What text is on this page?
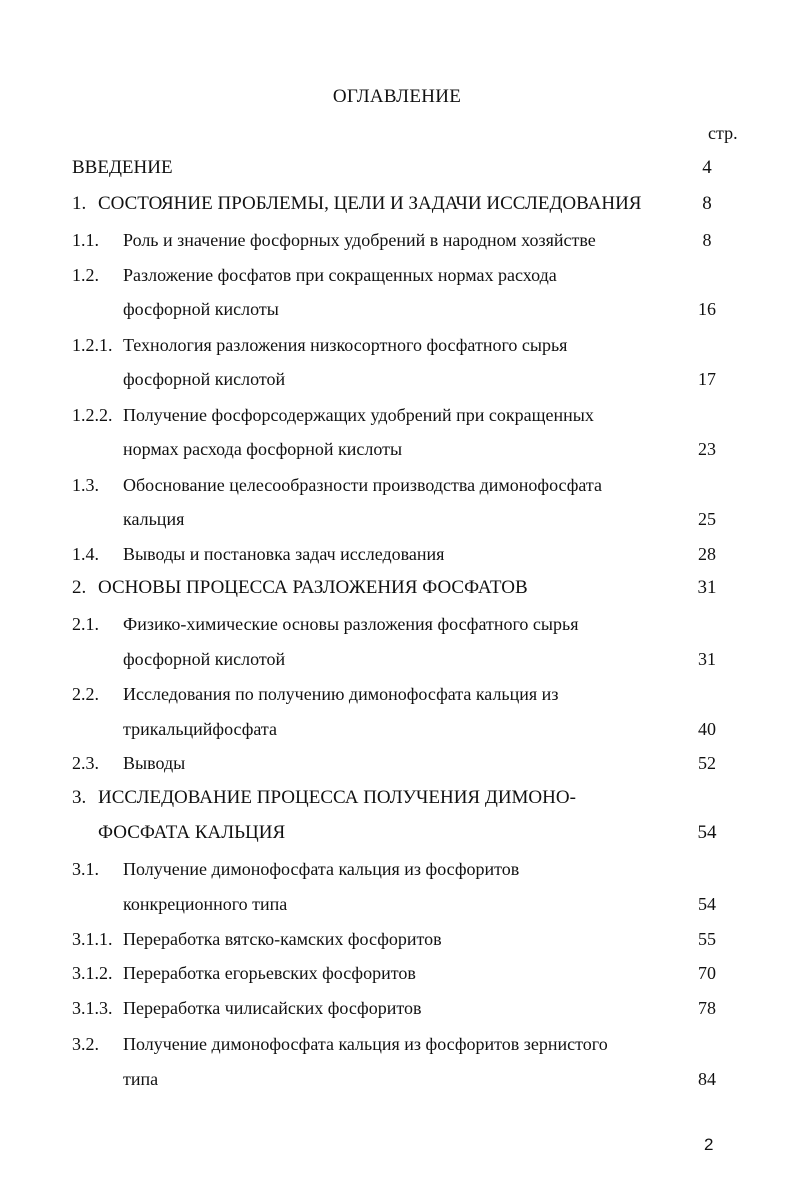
ОГЛАВЛЕНИЕ
стр.
ВВЕДЕНИЕ	4
1. СОСТОЯНИЕ ПРОБЛЕМЫ, ЦЕЛИ И ЗАДАЧИ ИССЛЕДОВАНИЯ	8
1.1. Роль и значение фосфорных удобрений в народном хозяйстве	8
1.2. Разложение фосфатов при сокращенных нормах расхода
фосфорной кислоты	16
1.2.1. Технология разложения низкосортного фосфатного сырья
фосфорной кислотой	17
1.2.2. Получение фосфорсодержащих удобрений при сокращенных
нормах расхода фосфорной кислоты	23
1.3. Обоснование целесообразности производства димонофосфата
кальция	25
1.4. Выводы и постановка задач исследования	28
2. ОСНОВЫ ПРОЦЕССА РАЗЛОЖЕНИЯ ФОСФАТОВ	31
2.1. Физико-химические основы разложения фосфатного сырья
фосфорной кислотой	31
2.2. Исследования по получению димонофосфата кальция из
трикальцийфосфата	40
2.3. Выводы	52
3. ИССЛЕДОВАНИЕ ПРОЦЕССА ПОЛУЧЕНИЯ ДИМОНО-
ФОСФАТА КАЛЬЦИЯ	54
3.1. Получение димонофосфата кальция из фосфоритов
конкреционного типа	54
3.1.1. Переработка вятско-камских фосфоритов	55
3.1.2. Переработка егорьевских фосфоритов	70
3.1.3. Переработка чилисайских фосфоритов	78
3.2. Получение димонофосфата кальция из фосфоритов зернистого
типа	84
2
